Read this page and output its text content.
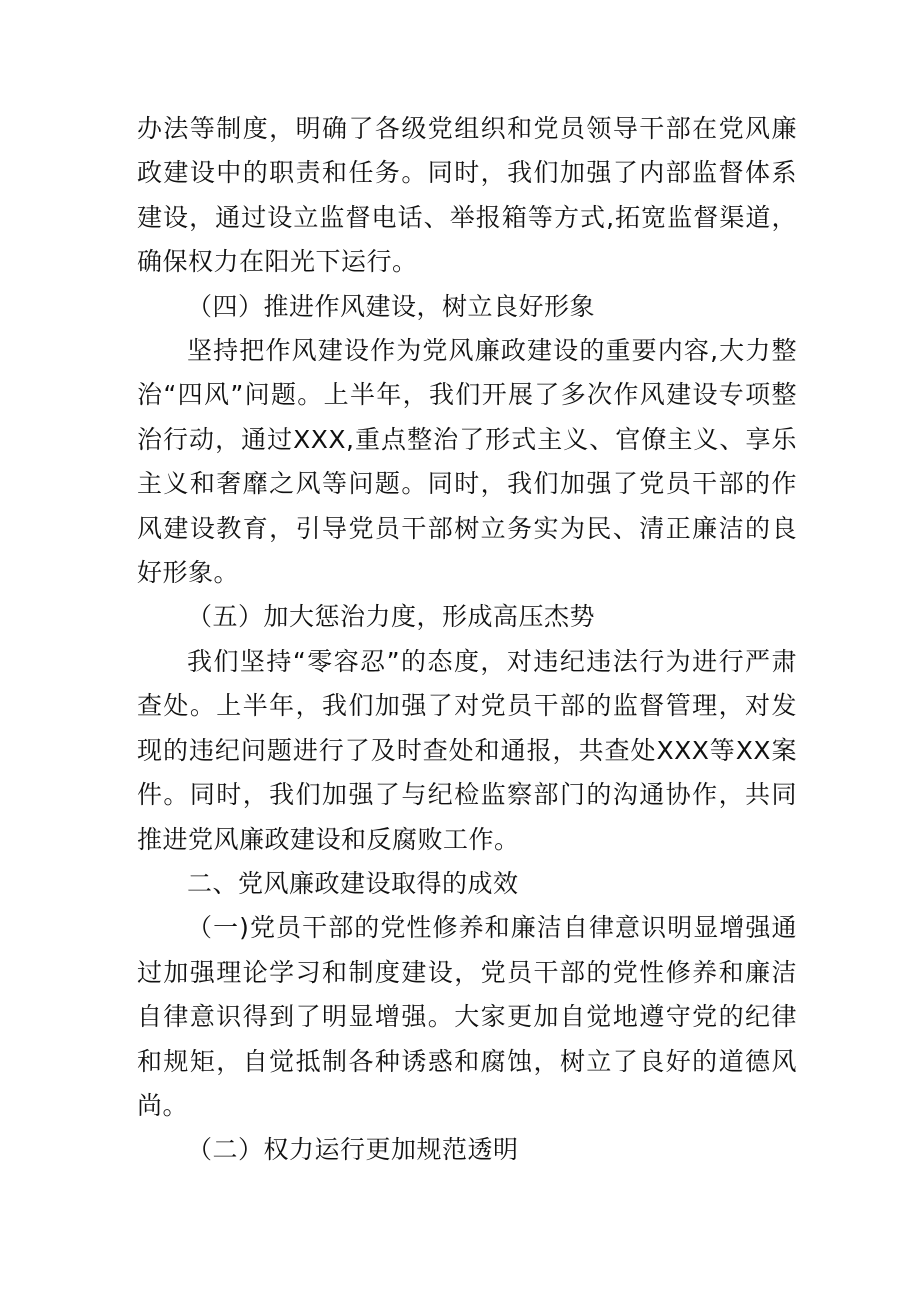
办法等制度，明确了各级党组织和党员领导干部在党风廉政建设中的职责和任务。同时，我们加强了内部监督体系建设，通过设立监督电话、举报箱等方式,拓宽监督渠道，确保权力在阳光下运行。

（四）推进作风建设，树立良好形象

坚持把作风建设作为党风廉政建设的重要内容,大力整治“四风”问题。上半年，我们开展了多次作风建设专项整治行动，通过XXX,重点整治了形式主义、官僚主义、享乐主义和奢靡之风等问题。同时，我们加强了党员干部的作风建设教育，引导党员干部树立务实为民、清正廉洁的良好形象。

（五）加大惩治力度，形成高压杰势

我们坚持“零容忍”的态度，对违纪违法行为进行严肃查处。上半年，我们加强了对党员干部的监督管理，对发现的违纪问题进行了及时查处和通报，共查处XXX等XX案件。同时，我们加强了与纪检监察部门的沟通协作，共同推进党风廉政建设和反腐败工作。

二、党风廉政建设取得的成效

（一)党员干部的党性修养和廉洁自律意识明显增强通过加强理论学习和制度建设，党员干部的党性修养和廉洁自律意识得到了明显增强。大家更加自觉地遵守党的纪律和规矩，自觉抵制各种诱惑和腐蚀，树立了良好的道德风尚。

（二）权力运行更加规范透明
